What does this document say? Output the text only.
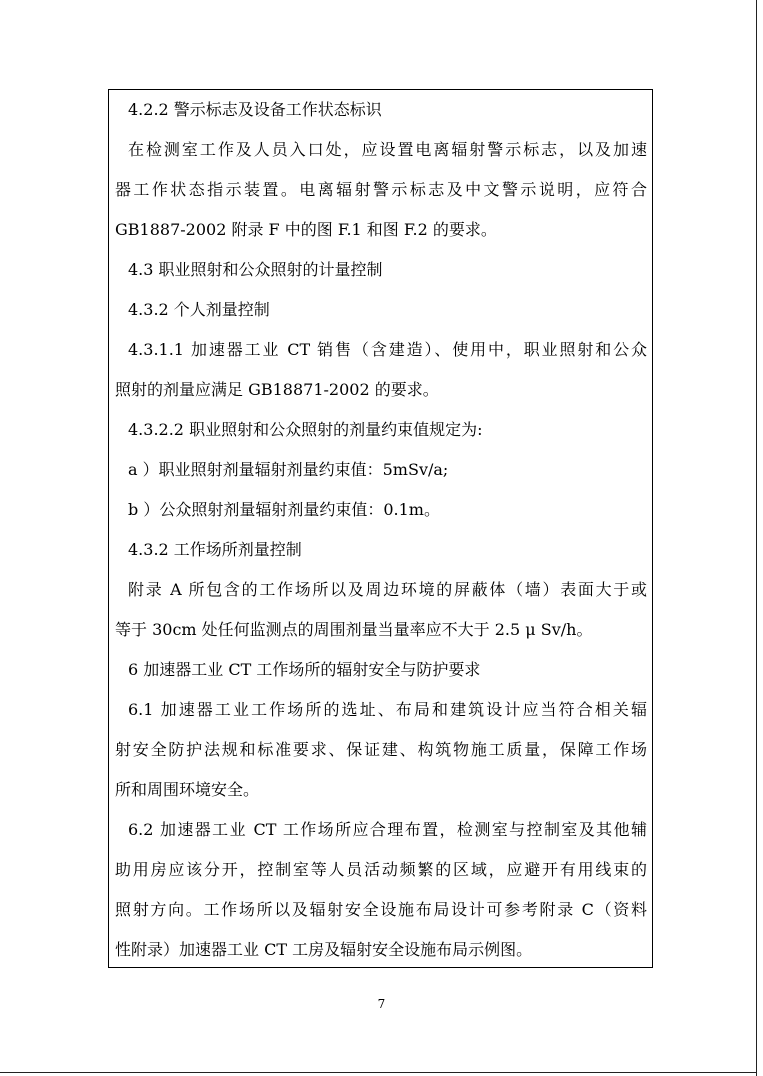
4.2.2 警示标志及设备工作状态标识
在检测室工作及人员入口处，应设置电离辐射警示标志，以及加速
器工作状态指示装置。电离辐射警示标志及中文警示说明，应符合
GB1887-2002 附录 F 中的图 F.1 和图 F.2 的要求。
4.3 职业照射和公众照射的计量控制
4.3.2 个人剂量控制
4.3.1.1 加速器工业 CT 销售（含建造）、使用中，职业照射和公众
照射的剂量应满足 GB18871-2002 的要求。
4.3.2.2 职业照射和公众照射的剂量约束值规定为:
a ）职业照射剂量辐射剂量约束值：5mSv/a;
b ）公众照射剂量辐射剂量约束值：0.1m。
4.3.2 工作场所剂量控制
附录 A 所包含的工作场所以及周边环境的屏蔽体（墙）表面大于或
等于 30cm 处任何监测点的周围剂量当量率应不大于 2.5 μ Sv/h。
6 加速器工业 CT 工作场所的辐射安全与防护要求
6.1 加速器工业工作场所的选址、布局和建筑设计应当符合相关辐
射安全防护法规和标准要求、保证建、构筑物施工质量，保障工作场
所和周围环境安全。
6.2 加速器工业 CT 工作场所应合理布置，检测室与控制室及其他辅
助用房应该分开，控制室等人员活动频繁的区域，应避开有用线束的
照射方向。工作场所以及辐射安全设施布局设计可参考附录 C（资料
性附录）加速器工业 CT 工房及辐射安全设施布局示例图。
7
